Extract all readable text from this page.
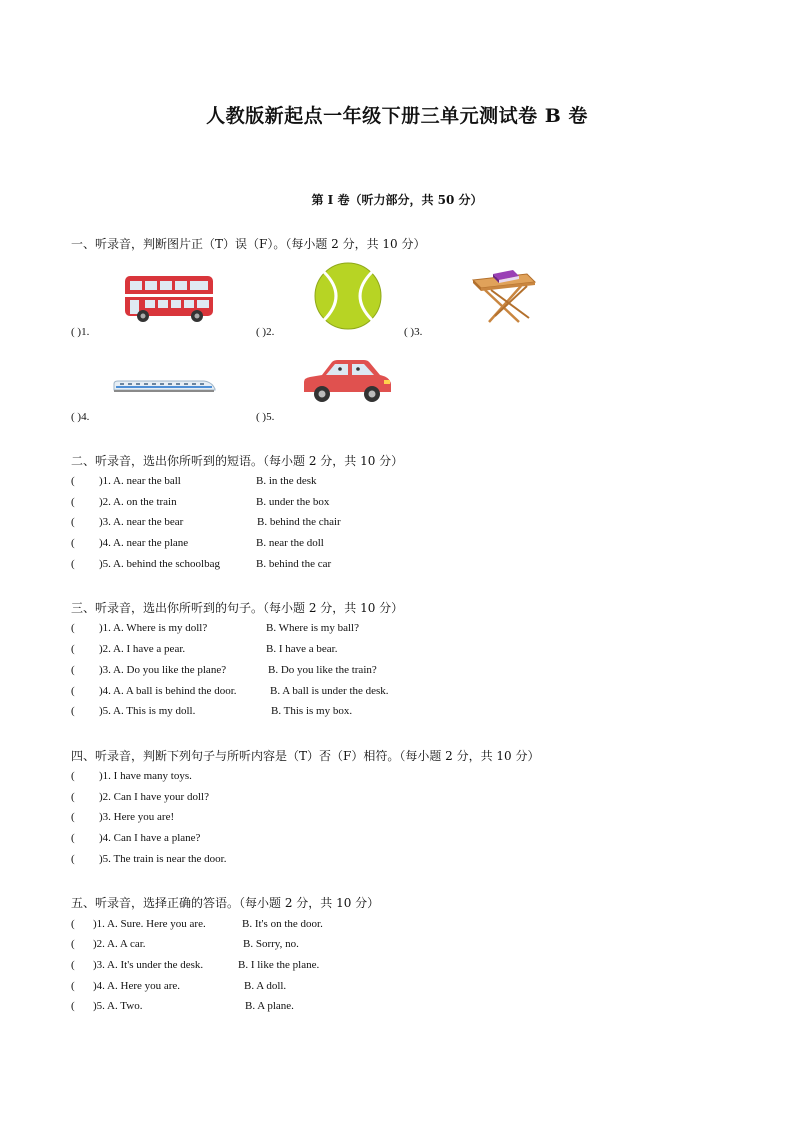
人教版新起点一年级下册三单元测试卷 B 卷
第 I 卷（听力部分，共 50 分）
一、听录音，判断图片正（T）误（F）。（每小题 2 分，共 10 分）
( )1.	( )2.	( )3.
( )4.	( )5.
二、听录音，选出你所听到的短语。（每小题 2 分，共 10 分）
( )1. A. near the ball	B. in the desk
( )2. A. on the train	B. under the box
( )3. A. near the bear	B. behind the chair
( )4. A. near the plane	B. near the doll
( )5. A. behind the schoolbag	B. behind the car
三、听录音，选出你所听到的句子。（每小题 2 分，共 10 分）
( )1. A. Where is my doll?	B. Where is my ball?
( )2. A. I have a pear.	B. I have a bear.
( )3. A. Do you like the plane?	B. Do you like the train?
( )4. A. A ball is behind the door.	B. A ball is under the desk.
( )5. A. This is my doll.	B. This is my box.
四、听录音，判断下列句子与所听内容是（T）否（F）相符。（每小题 2 分，共 10 分）
( )1. I have many toys.
( )2. Can I have your doll?
( )3. Here you are!
( )4. Can I have a plane?
( )5. The train is near the door.
五、听录音，选择正确的答语。（每小题 2 分，共 10 分）
( )1. A. Sure. Here you are.	B. It's on the door.
( )2. A. A car.	B. Sorry, no.
( )3. A. It's under the desk.	B. I like the plane.
( )4. A. Here you are.	B. A doll.
( )5. A. Two.	B. A plane.
